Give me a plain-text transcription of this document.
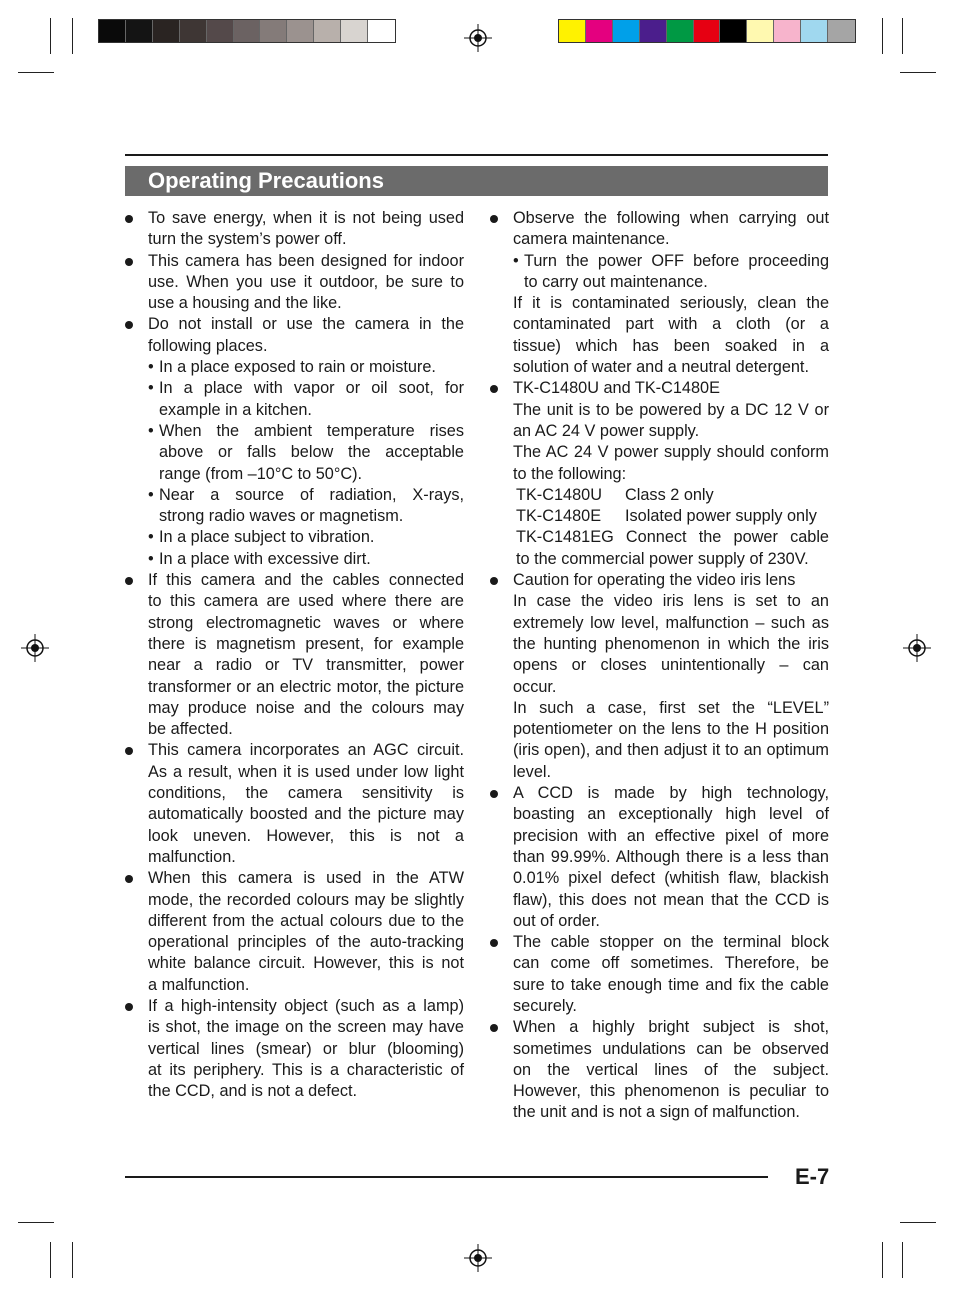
Operating Precautions
To save energy, when it is not being used
turn the system’s power off.
This camera has been designed for indoor
use. When you use it outdoor, be sure to
use a housing and the like.
Do not install or use the camera in the
following places.
• In a place exposed to rain or moisture.
• In a place with vapor or oil soot, for
example in a kitchen.
• When the ambient temperature rises
above or falls below the acceptable
range (from –10°C to 50°C).
• Near a source of radiation, X-rays,
strong radio waves or magnetism.
• In a place subject to vibration.
• In a place with excessive dirt.
If this camera and the cables connected
to this camera are used where there are
strong electromagnetic waves or where
there is magnetism present, for example
near a radio or TV transmitter, power
transformer or an electric motor, the picture
may produce noise and the colours may
be affected.
This camera incorporates an AGC circuit.
As a result, when it is used under low light
conditions, the camera sensitivity is
automatically boosted and the picture may
look uneven. However, this is not a
malfunction.
When this camera is used in the ATW
mode, the recorded colours may be slightly
different from the actual colours due to the
operational principles of the auto-tracking
white balance circuit. However, this is not
a malfunction.
If a high-intensity object (such as a lamp)
is shot, the image on the screen may have
vertical lines (smear) or blur (blooming)
at its periphery. This is a characteristic of
the CCD, and is not a defect.
Observe the following when carrying out
camera maintenance.
• Turn the power OFF before proceeding
to carry out maintenance.
If it is contaminated seriously, clean the
contaminated part with a cloth (or a
tissue) which has been soaked in a
solution of water and a neutral detergent.
TK-C1480U and TK-C1480E
The unit is to be powered by a DC 12 V or
an AC 24 V power supply.
The AC 24 V power supply should conform
to the following:
TK-C1480U	Class 2 only
TK-C1480E	Isolated power supply only
TK-C1481EG Connect the power cable
to the commercial power supply of 230V.
Caution for operating the video iris lens
In case the video iris lens is set to an
extremely low level, malfunction – such as
the hunting phenomenon in which the iris
opens or closes unintentionally – can
occur.
In such a case, first set the “LEVEL”
potentiometer on the lens to the H position
(iris open), and then adjust it to an optimum
level.
A CCD is made by high technology,
boasting an exceptionally high level of
precision with an effective pixel of more
than 99.99%. Although there is a less than
0.01% pixel defect (whitish flaw, blackish
flaw), this does not mean that the CCD is
out of order.
The cable stopper on the terminal block
can come off sometimes. Therefore, be
sure to take enough time and fix the cable
securely.
When a highly bright subject is shot,
sometimes undulations can be observed
on the vertical lines of the subject.
However, this phenomenon is peculiar to
the unit and is not a sign of malfunction.
E-7
